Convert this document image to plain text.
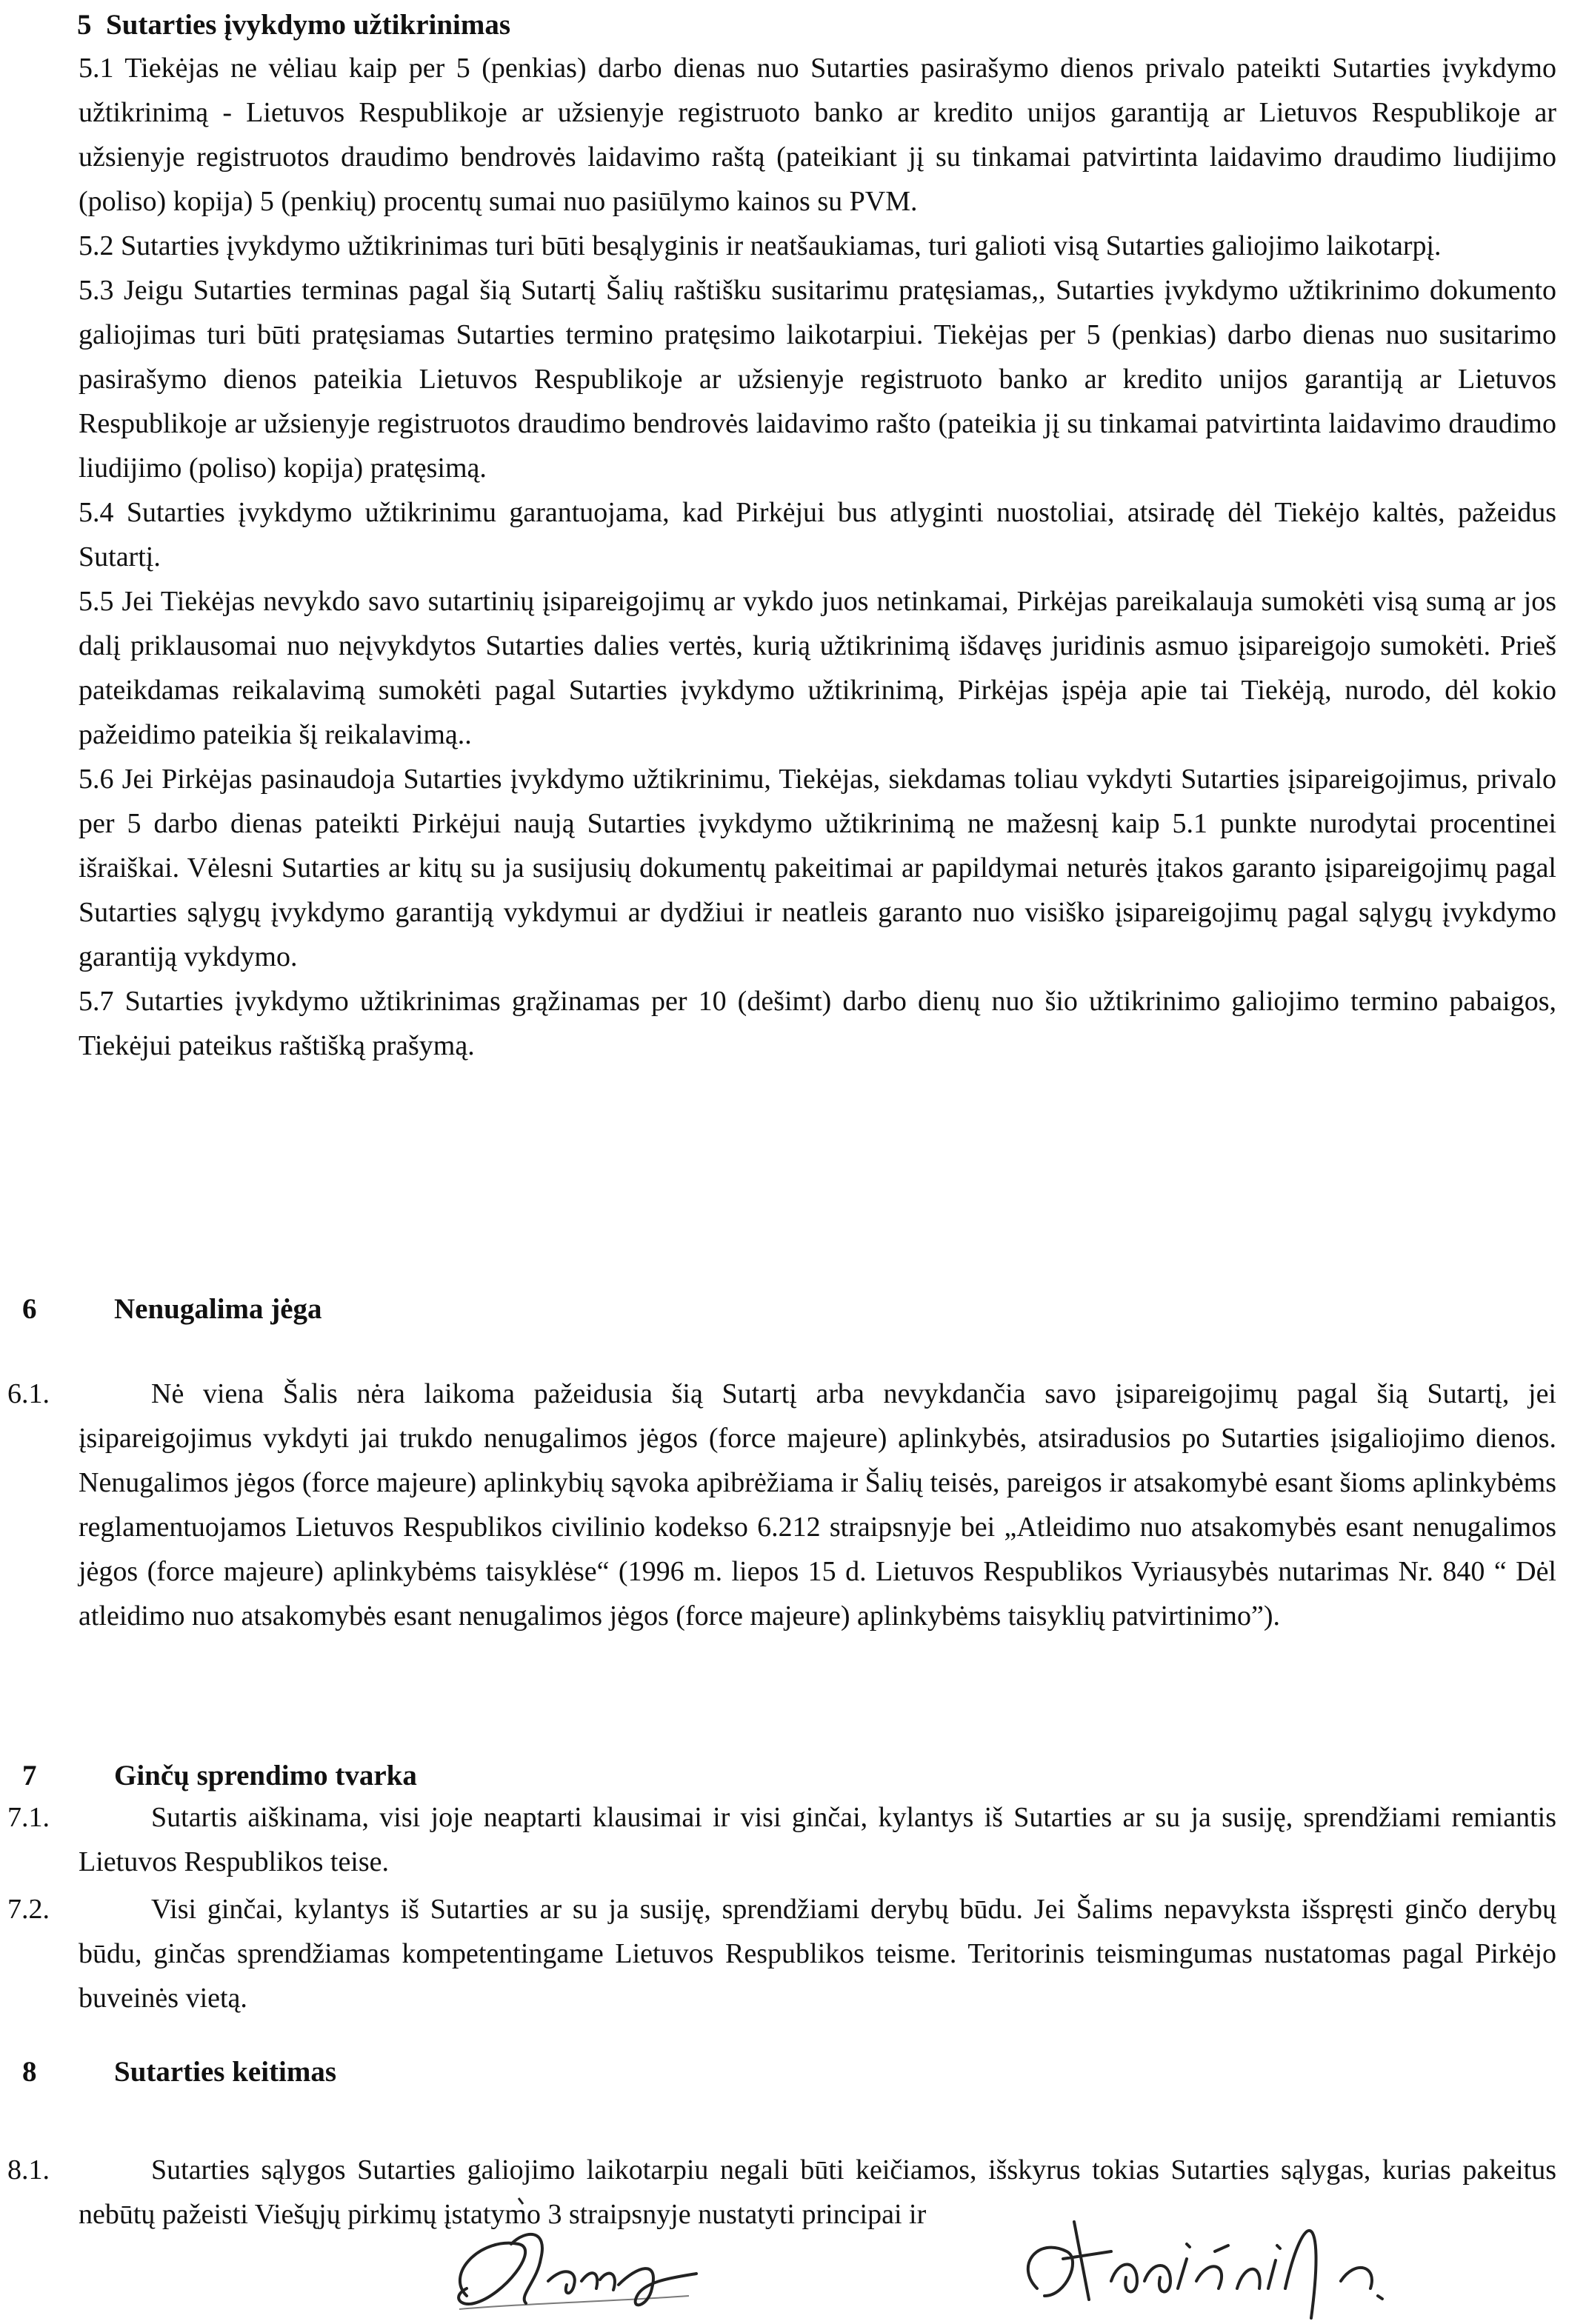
5 Sutarties įvykdymo užtikrinimas

5.1 Tiekėjas ne vėliau kaip per 5 (penkias) darbo dienas nuo Sutarties pasirašymo dienos privalo pateikti Sutarties įvykdymo užtikrinimą - Lietuvos Respublikoje ar užsienyje registruoto banko ar kredito unijos garantiją ar Lietuvos Respublikoje ar užsienyje registruotos draudimo bendrovės laidavimo raštą (pateikiant jį su tinkamai patvirtinta laidavimo draudimo liudijimo (poliso) kopija) 5 (penkių) procentų sumai nuo pasiūlymo kainos su PVM.

5.2 Sutarties įvykdymo užtikrinimas turi būti besąlyginis ir neatšaukiamas, turi galioti visą Sutarties galiojimo laikotarpį.

5.3 Jeigu Sutarties terminas pagal šią Sutartį Šalių raštišku susitarimu pratęsiamas,, Sutarties įvykdymo užtikrinimo dokumento galiojimas turi būti pratęsiamas Sutarties termino pratęsimo laikotarpiui. Tiekėjas per 5 (penkias) darbo dienas nuo susitarimo pasirašymo dienos pateikia Lietuvos Respublikoje ar užsienyje registruoto banko ar kredito unijos garantiją ar Lietuvos Respublikoje ar užsienyje registruotos draudimo bendrovės laidavimo rašto (pateikia jį su tinkamai patvirtinta laidavimo draudimo liudijimo (poliso) kopija) pratęsimą.

5.4 Sutarties įvykdymo užtikrinimu garantuojama, kad Pirkėjui bus atlyginti nuostoliai, atsiradę dėl Tiekėjo kaltės, pažeidus Sutartį.

5.5 Jei Tiekėjas nevykdo savo sutartinių įsipareigojimų ar vykdo juos netinkamai, Pirkėjas pareikalauja sumokėti visą sumą ar jos dalį priklausomai nuo neįvykdytos Sutarties dalies vertės, kurią užtikrinimą išdavęs juridinis asmuo įsipareigojo sumokėti. Prieš pateikdamas reikalavimą sumokėti pagal Sutarties įvykdymo užtikrinimą, Pirkėjas įspėja apie tai Tiekėją, nurodo, dėl kokio pažeidimo pateikia šį reikalavimą..

5.6 Jei Pirkėjas pasinaudoja Sutarties įvykdymo užtikrinimu, Tiekėjas, siekdamas toliau vykdyti Sutarties įsipareigojimus, privalo per 5 darbo dienas pateikti Pirkėjui naują Sutarties įvykdymo užtikrinimą ne mažesnį kaip 5.1 punkte nurodytai procentinei išraiškai. Vėlesni Sutarties ar kitų su ja susijusių dokumentų pakeitimai ar papildymai neturės įtakos garanto įsipareigojimų pagal Sutarties sąlygų įvykdymo garantiją vykdymui ar dydžiui ir neatleis garanto nuo visiško įsipareigojimų pagal sąlygų įvykdymo garantiją vykdymo.

5.7 Sutarties įvykdymo užtikrinimas grąžinamas per 10 (dešimt) darbo dienų nuo šio užtikrinimo galiojimo termino pabaigos, Tiekėjui pateikus raštišką prašymą.

6	Nenugalima jėga
6.1.	Nė viena Šalis nėra laikoma pažeidusia šią Sutartį arba nevykdančia savo įsipareigojimų pagal šią Sutartį, jei įsipareigojimus vykdyti jai trukdo nenugalimos jėgos (force majeure) aplinkybės, atsiradusios po Sutarties įsigaliojimo dienos. Nenugalimos jėgos (force majeure) aplinkybių sąvoka apibrėžiama ir Šalių teisės, pareigos ir atsakomybė esant šioms aplinkybėms reglamentuojamos Lietuvos Respublikos civilinio kodekso 6.212 straipsnyje bei „Atleidimo nuo atsakomybės esant nenugalimos jėgos (force majeure) aplinkybėms taisyklėse“ (1996 m. liepos 15 d. Lietuvos Respublikos Vyriausybės nutarimas Nr. 840 “ Dėl atleidimo nuo atsakomybės esant nenugalimos jėgos (force majeure) aplinkybėms taisyklių patvirtinimo”).
7	Ginčų sprendimo tvarka
7.1.	Sutartis aiškinama, visi joje neaptarti klausimai ir visi ginčai, kylantys iš Sutarties ar su ja susiję, sprendžiami remiantis Lietuvos Respublikos teise.
7.2.	Visi ginčai, kylantys iš Sutarties ar su ja susiję, sprendžiami derybų būdu. Jei Šalims nepavyksta išspręsti ginčo derybų būdu, ginčas sprendžiamas kompetentingame Lietuvos Respublikos teisme. Teritorinis teismingumas nustatomas pagal Pirkėjo buveinės vietą.
8	Sutarties keitimas
8.1.	Sutarties sąlygos Sutarties galiojimo laikotarpiu negali būti keičiamos, išskyrus tokias Sutarties sąlygas, kurias pakeitus nebūtų pažeisti Viešųjų pirkimų įstatymo 3 straipsnyje nustatyti principai ir
